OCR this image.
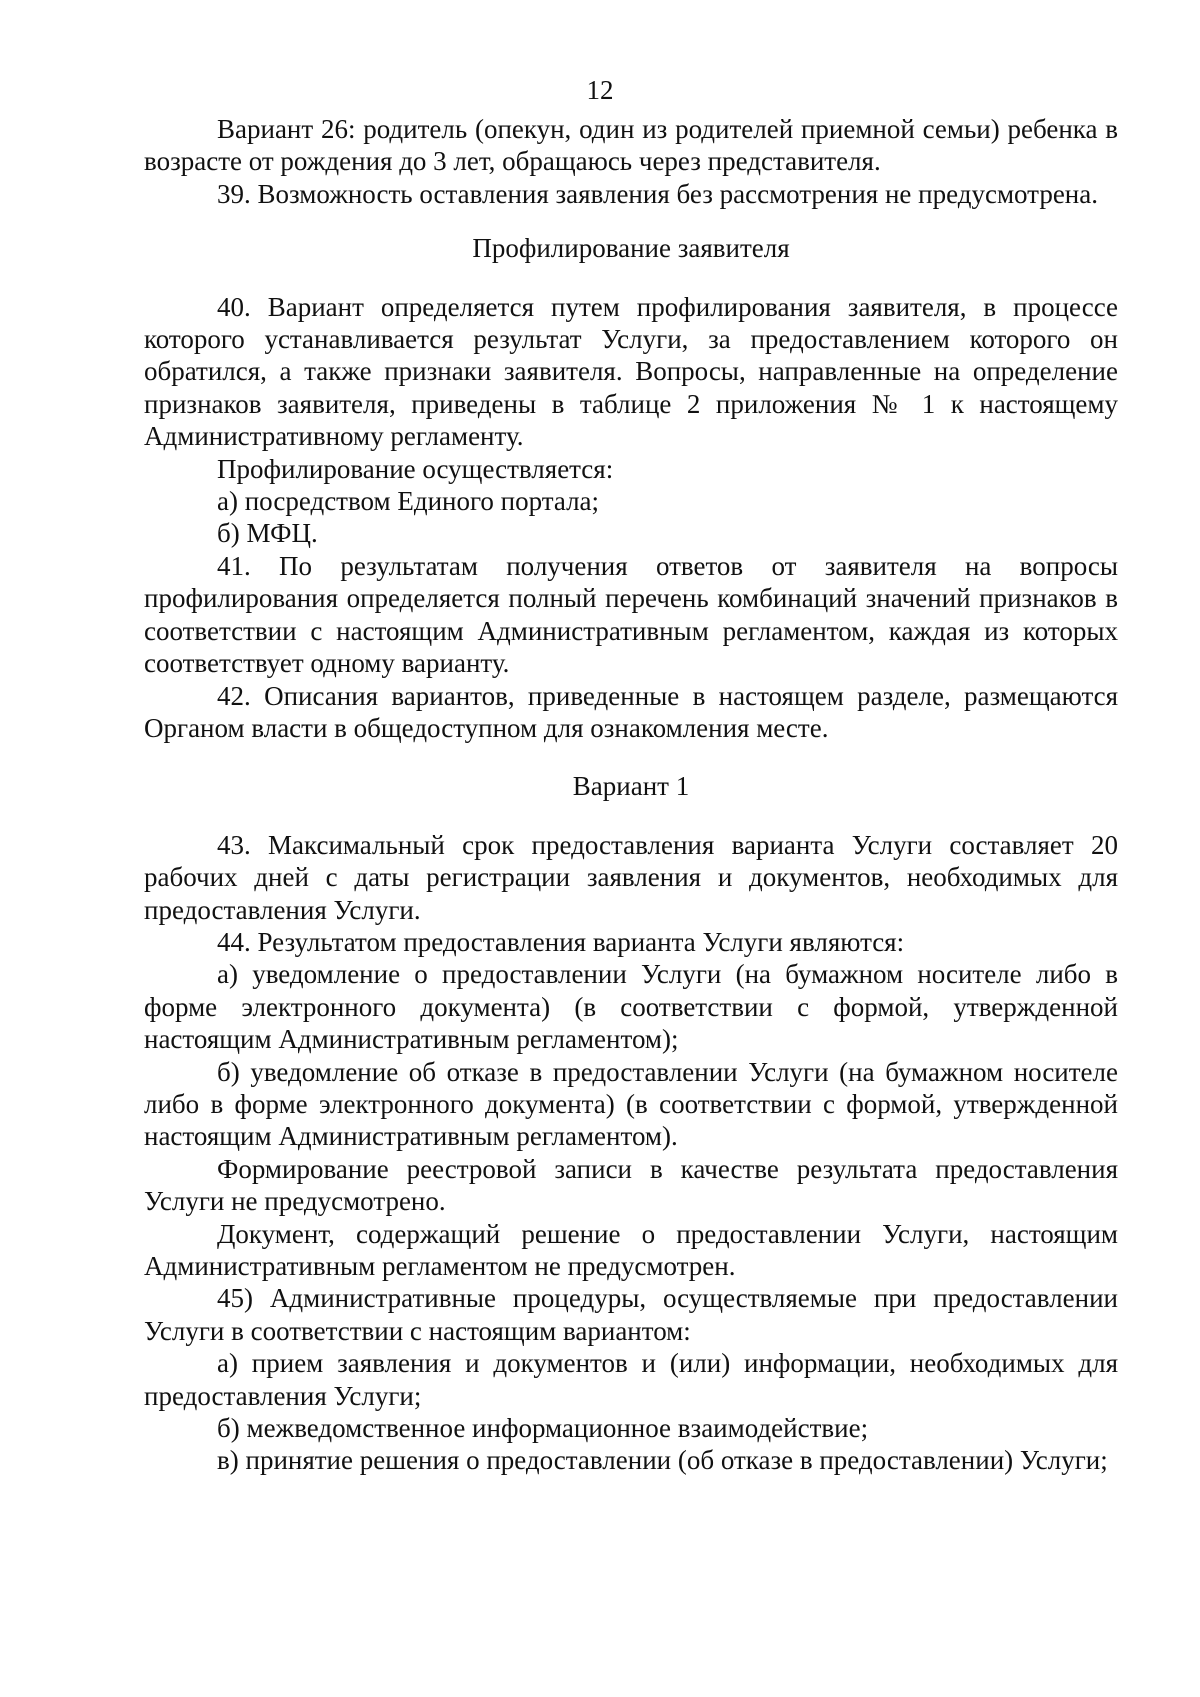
12

Вариант 26: родитель (опекун, один из родителей приемной семьи) ребенка в возрасте от рождения до 3 лет, обращаюсь через представителя.

39. Возможность оставления заявления без рассмотрения не предусмотрена.

Профилирование заявителя

40. Вариант определяется путем профилирования заявителя, в процессе которого устанавливается результат Услуги, за предоставлением которого он обратился, а также признаки заявителя. Вопросы, направленные на определение признаков заявителя, приведены в таблице 2 приложения № 1 к настоящему Административному регламенту.

Профилирование осуществляется:

а) посредством Единого портала;

б) МФЦ.

41. По результатам получения ответов от заявителя на вопросы профилирования определяется полный перечень комбинаций значений признаков в соответствии с настоящим Административным регламентом, каждая из которых соответствует одному варианту.

42. Описания вариантов, приведенные в настоящем разделе, размещаются Органом власти в общедоступном для ознакомления месте.

Вариант 1

43. Максимальный срок предоставления варианта Услуги составляет 20 рабочих дней с даты регистрации заявления и документов, необходимых для предоставления Услуги.

44. Результатом предоставления варианта Услуги являются:

а) уведомление о предоставлении Услуги (на бумажном носителе либо в форме электронного документа) (в соответствии с формой, утвержденной настоящим Административным регламентом);

б) уведомление об отказе в предоставлении Услуги (на бумажном носителе либо в форме электронного документа) (в соответствии с формой, утвержденной настоящим Административным регламентом).

Формирование реестровой записи в качестве результата предоставления Услуги не предусмотрено.

Документ, содержащий решение о предоставлении Услуги, настоящим Административным регламентом не предусмотрен.

45) Административные процедуры, осуществляемые при предоставлении Услуги в соответствии с настоящим вариантом:

а) прием заявления и документов и (или) информации, необходимых для предоставления Услуги;

б) межведомственное информационное взаимодействие;

в) принятие решения о предоставлении (об отказе в предоставлении) Услуги;
